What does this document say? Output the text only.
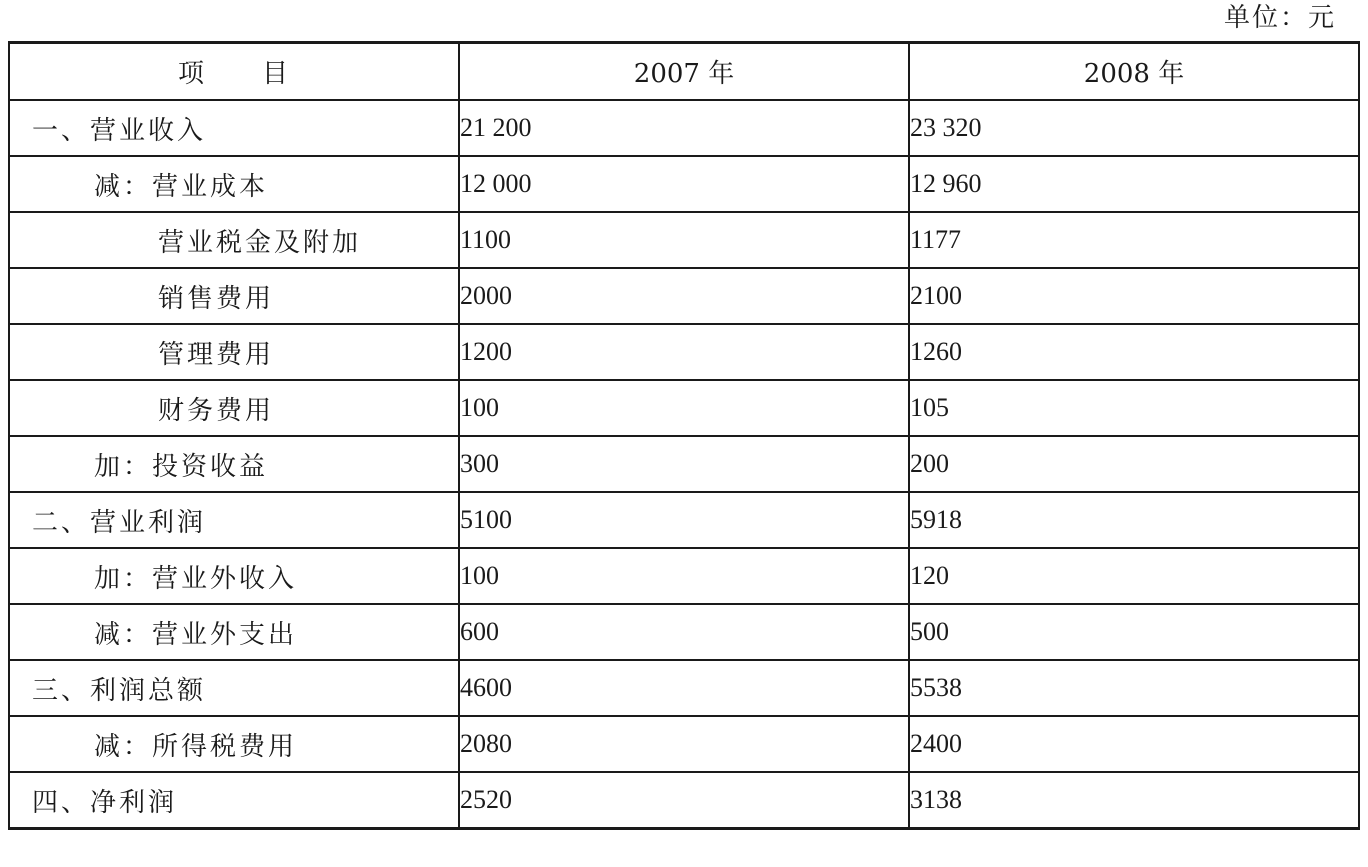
单位：元
项　　目	2007 年	2008 年
一、营业收入	21 200	23 320
减：营业成本	12 000	12 960
营业税金及附加	1100	1177
销售费用	2000	2100
管理费用	1200	1260
财务费用	100	105
加：投资收益	300	200
二、营业利润	5100	5918
加：营业外收入	100	120
减：营业外支出	600	500
三、利润总额	4600	5538
减：所得税费用	2080	2400
四、净利润	2520	3138
